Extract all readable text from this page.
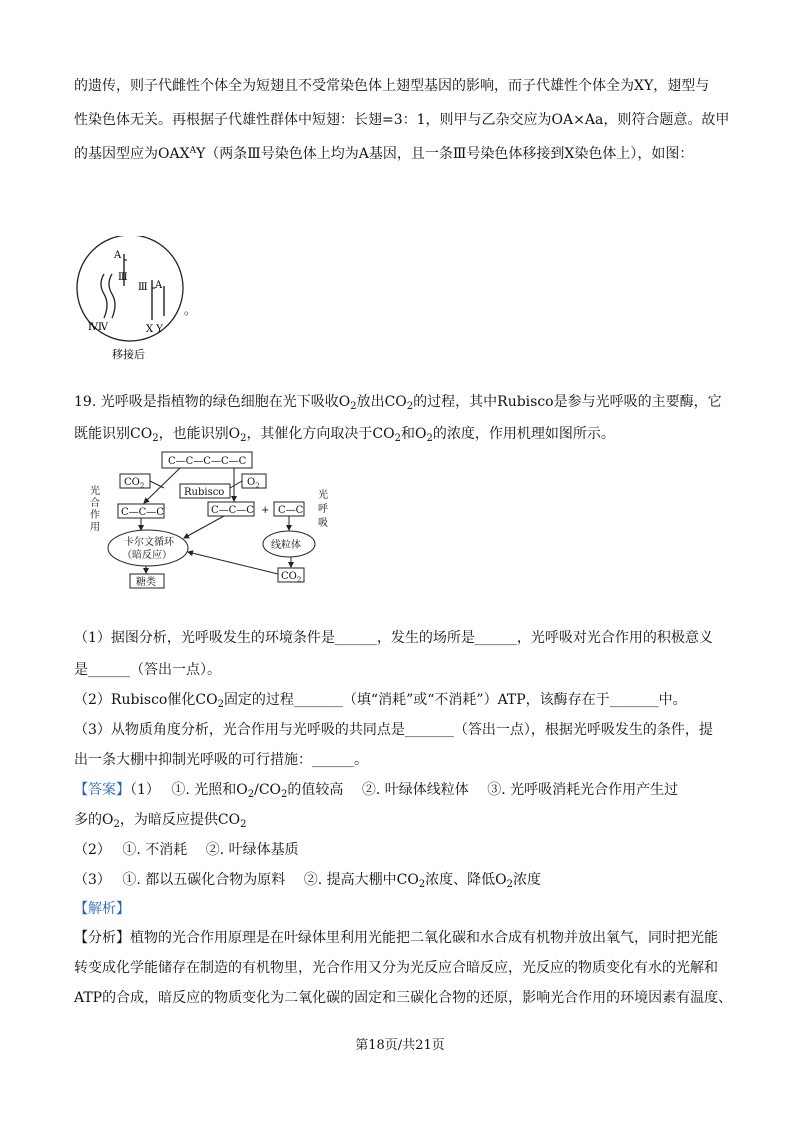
的遗传，则子代雌性个体全为短翅且不受常染色体上翅型基因的影响，而子代雄性个体全为XY，翅型与
性染色体无关。再根据子代雄性群体中短翅：长翅=3：1，则甲与乙杂交应为OA×Aa，则符合题意。故甲
的基因型应为$OAX^AY$（两条Ⅲ号染色体上均为A基因，且一条Ⅲ号染色体移接到X染色体上），如图：
A
Ⅲ
ⅣⅣ
Ⅲ A
X Y
。
移接后
19. 光呼吸是指植物的绿色细胞在光下吸收$O_2$放出$CO_2$的过程，其中Rubisco是参与光呼吸的主要酶，它
既能识别$CO_2$，也能识别$O_2$，其催化方向取决于$CO_2$和$O_2$的浓度，作用机理如图所示。
C—C—C—C—C
$CO_2$	$O_2$
Rubisco
C—C—C	C—C—C + C—C
卡尔文循环
（暗反应）
线粒体
$CO_2$
糖类
光
合
作
用
光
呼
吸
（1）据图分析，光呼吸发生的环境条件是______，发生的场所是______，光呼吸对光合作用的积极意义
是______（答出一点）。
（2）Rubisco催化$CO_2$固定的过程_______（填“消耗”或“不消耗”）ATP，该酶存在于_______中。
（3）从物质角度分析，光合作用与光呼吸的共同点是_______（答出一点），根据光呼吸发生的条件，提
出一条大棚中抑制光呼吸的可行措施：______。
【答案】（1）　 ①. 光照和$O_2/CO_2$的值较高　 ②. 叶绿体线粒体　 ③. 光呼吸消耗光合作用产生过
多的$O_2$，为暗反应提供$CO_2$
（2）　 ①. 不消耗　 ②. 叶绿体基质
（3）　 ①. 都以五碳化合物为原料　 ②. 提高大棚中$CO_2$浓度、降低$O_2$浓度
【解析】
【分析】植物的光合作用原理是在叶绿体里利用光能把二氧化碳和水合成有机物并放出氧气，同时把光能
转变成化学能储存在制造的有机物里，光合作用又分为光反应合暗反应，光反应的物质变化有水的光解和
ATP的合成，暗反应的物质变化为二氧化碳的固定和三碳化合物的还原，影响光合作用的环境因素有温度、
第18页/共21页
